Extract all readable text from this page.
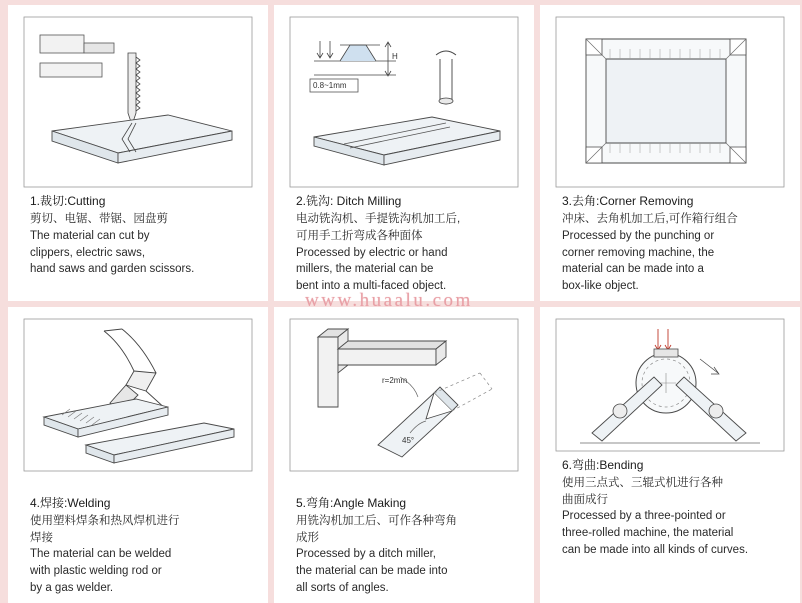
1.裁切:Cutting
剪切、电锯、带锯、园盘剪
The material can cut by
clippers, electric saws,
hand saws and garden scissors.
H
0.8~1mm
2.铣沟: Ditch Milling
电动铣沟机、手提铣沟机加工后,
可用手工折弯成各种面体
Processed by electric or hand
millers, the material can be
bent into a multi-faced object.
3.去角:Corner Removing
冲床、去角机加工后,可作箱行组合
Processed by the punching or
corner removing machine, the
material can be made into a
box-like object.
4.焊接:Welding
使用塑料焊条和热风焊机进行
焊接
The material can be welded
with plastic welding rod or
by a gas welder.
r=2mm
45°
5.弯角:Angle Making
用铣沟机加工后、可作各种弯角
成形
Processed by a ditch miller,
the material can be made into
all sorts of angles.
6.弯曲:Bending
使用三点式、三辊式机进行各种
曲面成行
Processed by a three-pointed or
three-rolled machine, the material
can be made into all kinds of curves.
www.huaalu.com
